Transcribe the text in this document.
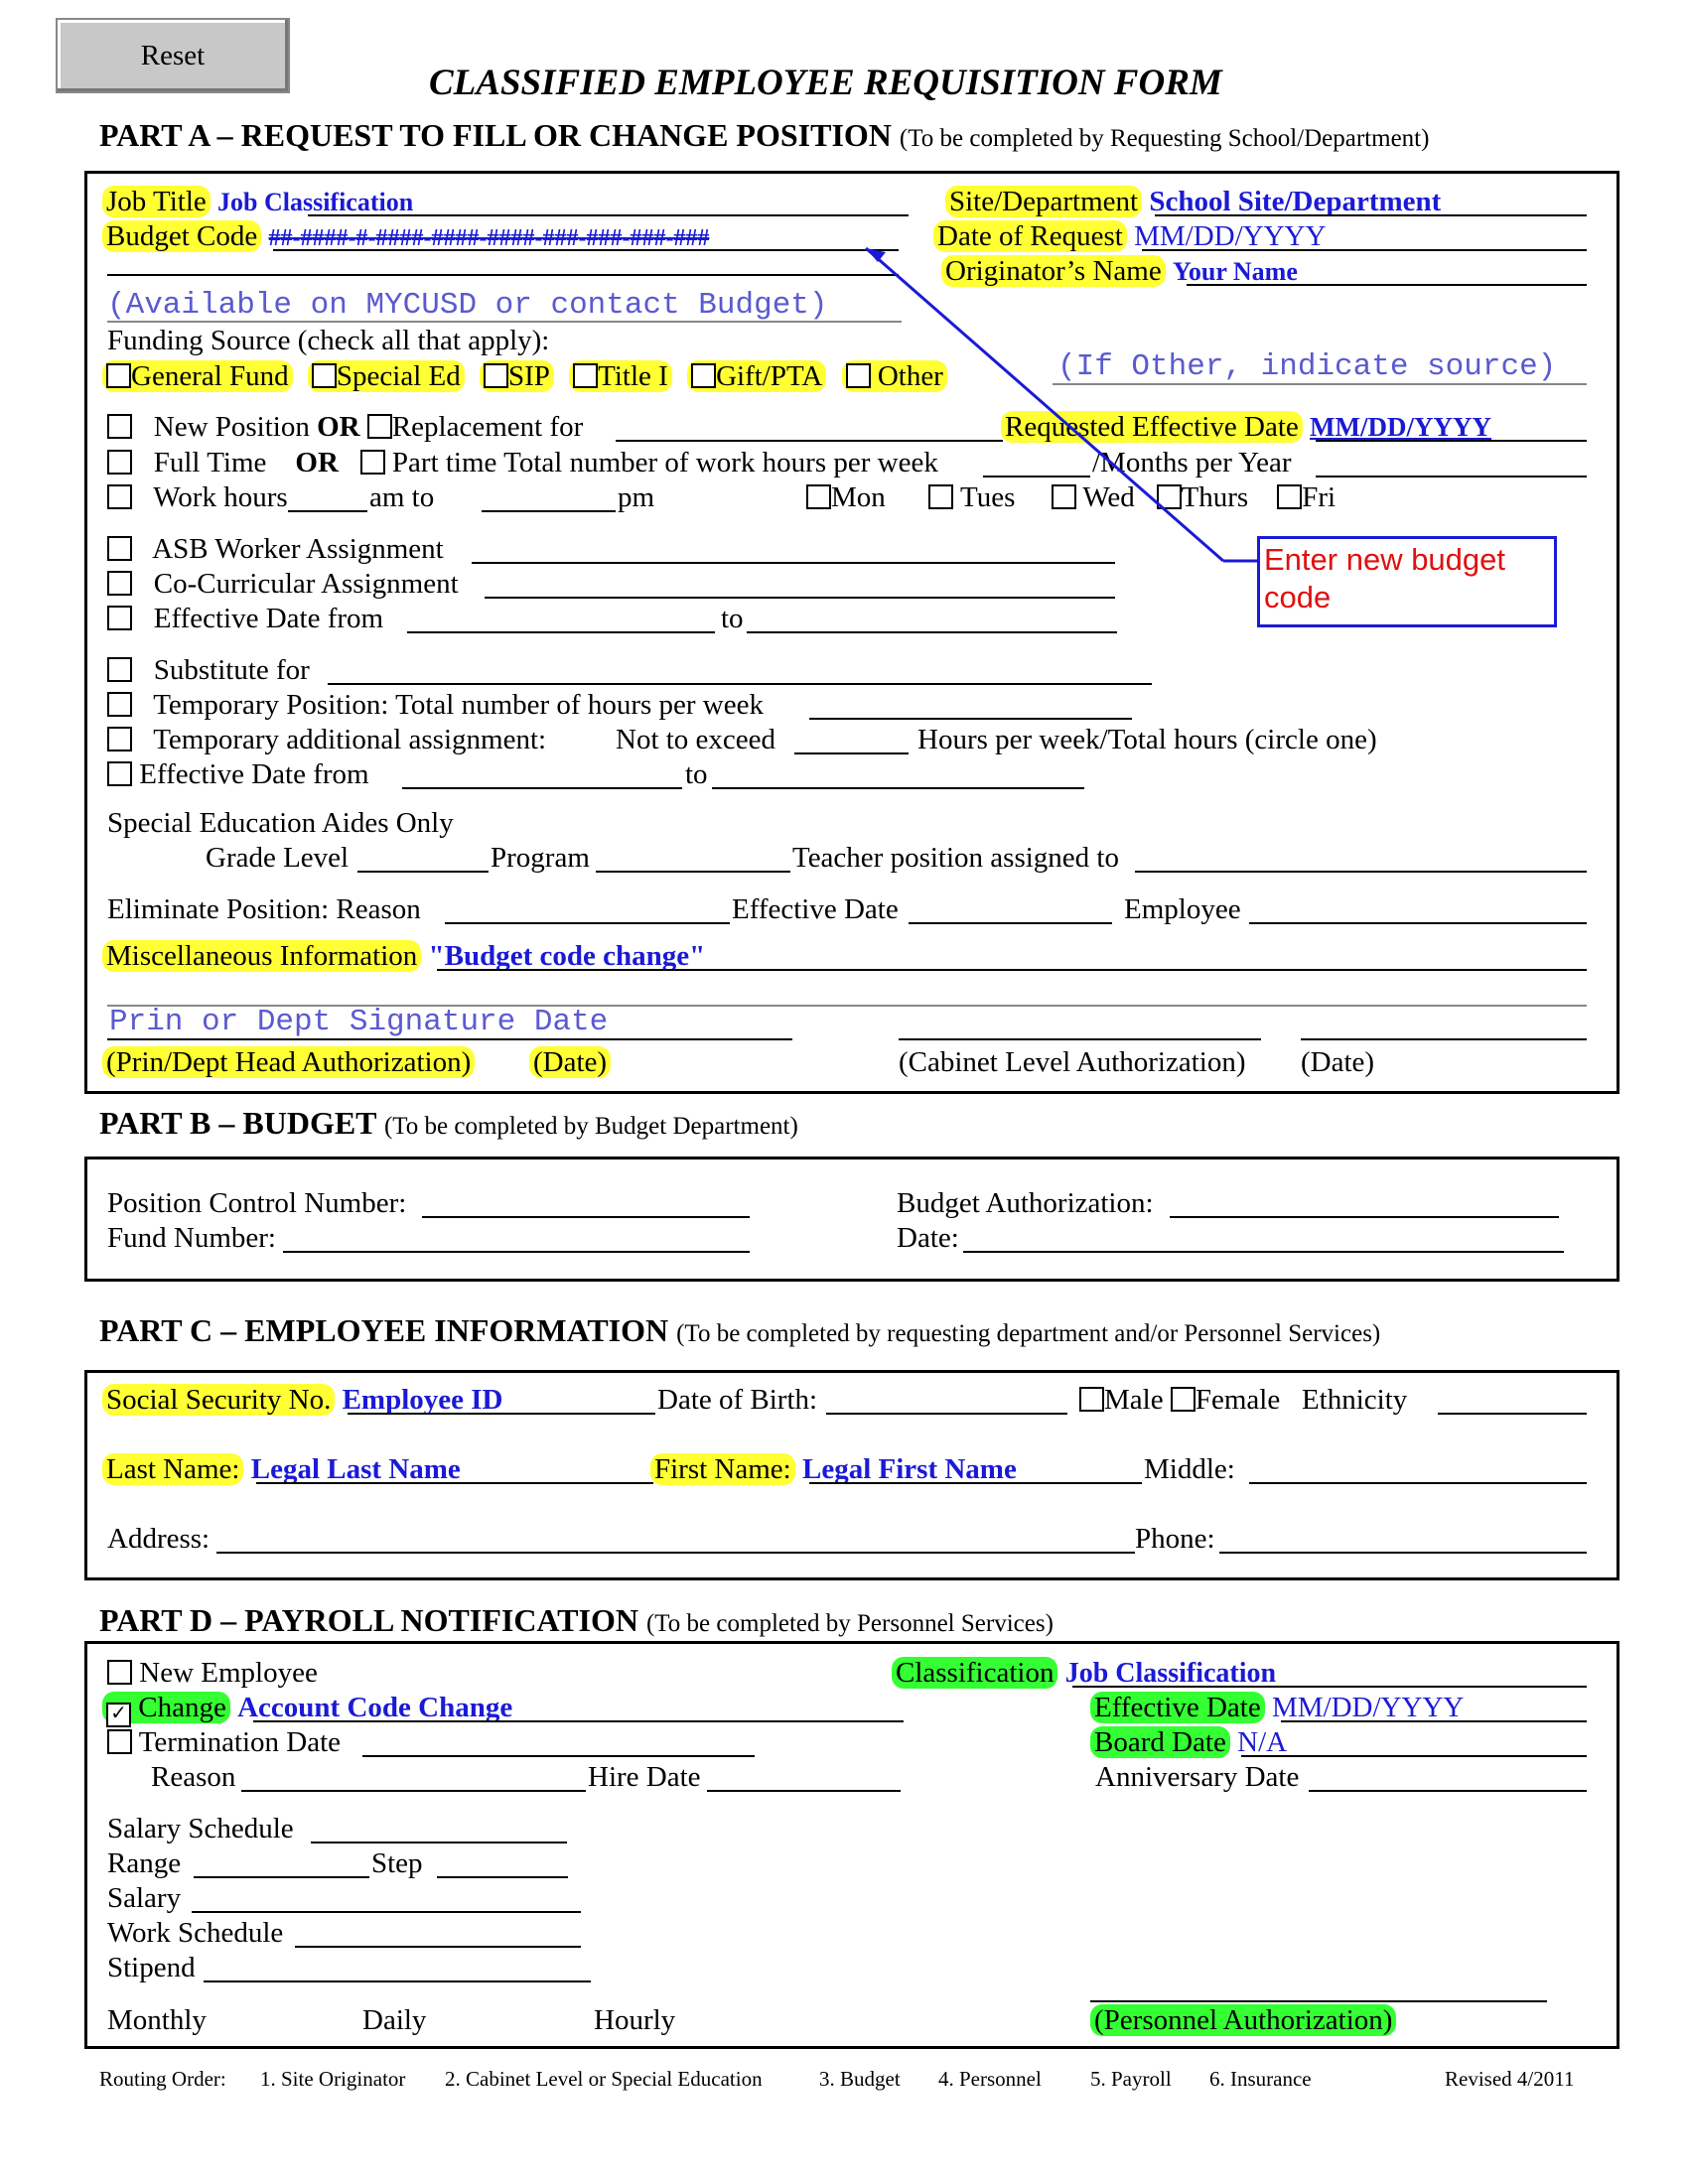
Reset
CLASSIFIED EMPLOYEE REQUISITION FORM
PART A – REQUEST TO FILL OR CHANGE POSITION (To be completed by Requesting School/Department)
Job Title Job Classification	Site/Department School Site/Department
Budget Code ##-####-#-####-####-####-###-###-###-###	Date of Request MM/DD/YYYY
Originator’s Name Your Name
(Available on MYCUSD or contact Budget)
Funding Source (check all that apply):
General Fund Special Ed SIP Title I Gift/PTA Other	(If Other, indicate source)
New Position OR Replacement for	Requested Effective Date MM/DD/YYYY
Full Time OR Part time Total number of work hours per week	/Months per Year
Work hours	am to	pm	Mon	Tues Wed Thurs Fri
ASB Worker Assignment
Co-Curricular Assignment
Effective Date from	to
Substitute for
Temporary Position: Total number of hours per week
Temporary additional assignment: Not to exceed	Hours per week/Total hours (circle one)
Effective Date from	to
Special Education Aides Only
Grade Level	Program	Teacher position assigned to
Eliminate Position: Reason	Effective Date	Employee
Miscellaneous Information "Budget code change"
Prin or Dept Signature Date
(Prin/Dept Head Authorization) (Date)	(Cabinet Level Authorization) (Date)
Enter new budget code
PART B – BUDGET (To be completed by Budget Department)
Position Control Number:
Fund Number:
Budget Authorization:
Date:
PART C – EMPLOYEE INFORMATION (To be completed by requesting department and/or Personnel Services)
Social Security No. Employee ID	Date of Birth:	Male Female Ethnicity
Last Name: Legal Last Name	First Name: Legal First Name	Middle:
Address:	Phone:
PART D – PAYROLL NOTIFICATION (To be completed by Personnel Services)
New Employee
✓ Change Account Code Change
Termination Date
Reason	Hire Date
Classification Job Classification
Effective Date MM/DD/YYYY
Board Date N/A
Anniversary Date
Salary Schedule
Range	Step
Salary
Work Schedule
Stipend
Monthly	Daily	Hourly	(Personnel Authorization)
Routing Order: 1. Site Originator 2. Cabinet Level or Special Education	3. Budget 4. Personnel 5. Payroll 6. Insurance	Revised 4/2011
